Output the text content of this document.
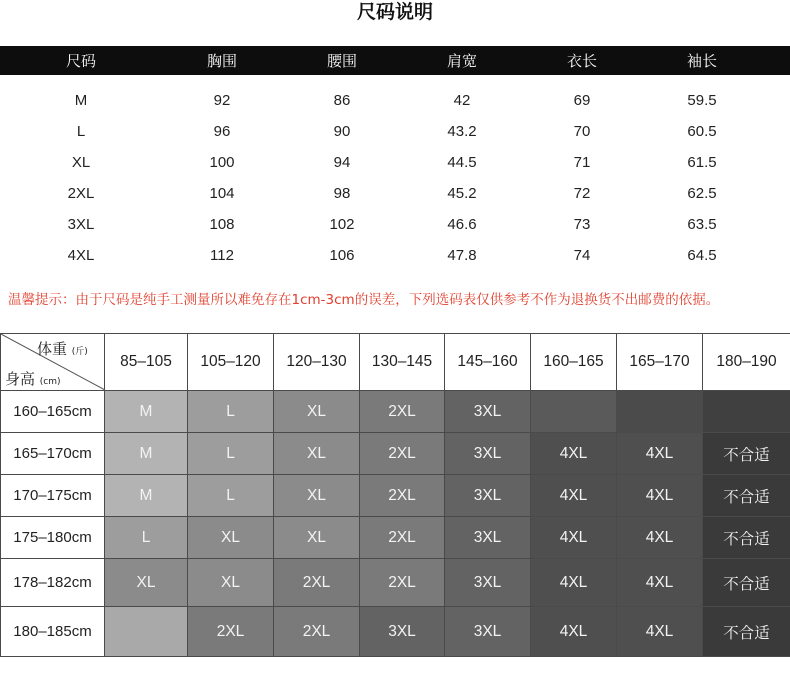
尺码说明
尺码	胸围	腰围	肩宽	衣长	袖长
M	92	86	42	69	59.5
L	96	90	43.2	70	60.5
XL	100	94	44.5	71	61.5
2XL	104	98	45.2	72	62.5
3XL	108	102	46.6	73	63.5
4XL	112	106	47.8	74	64.5
温馨提示：由于尺码是纯手工测量所以难免存在1cm-3cm的误差，下列选码表仅供参考不作为退换货不出邮费的依据。
体重 (斤)
身高 (cm)	85–105	105–120	120–130	130–145	145–160	160–165	165–170	180–190
160–165cm	M	L	XL	2XL	3XL			
165–170cm	M	L	XL	2XL	3XL	4XL	4XL	不合适
170–175cm	M	L	XL	2XL	3XL	4XL	4XL	不合适
175–180cm	L	XL	XL	2XL	3XL	4XL	4XL	不合适
178–182cm	XL	XL	2XL	2XL	3XL	4XL	4XL	不合适
180–185cm		2XL	2XL	3XL	3XL	4XL	4XL	不合适
